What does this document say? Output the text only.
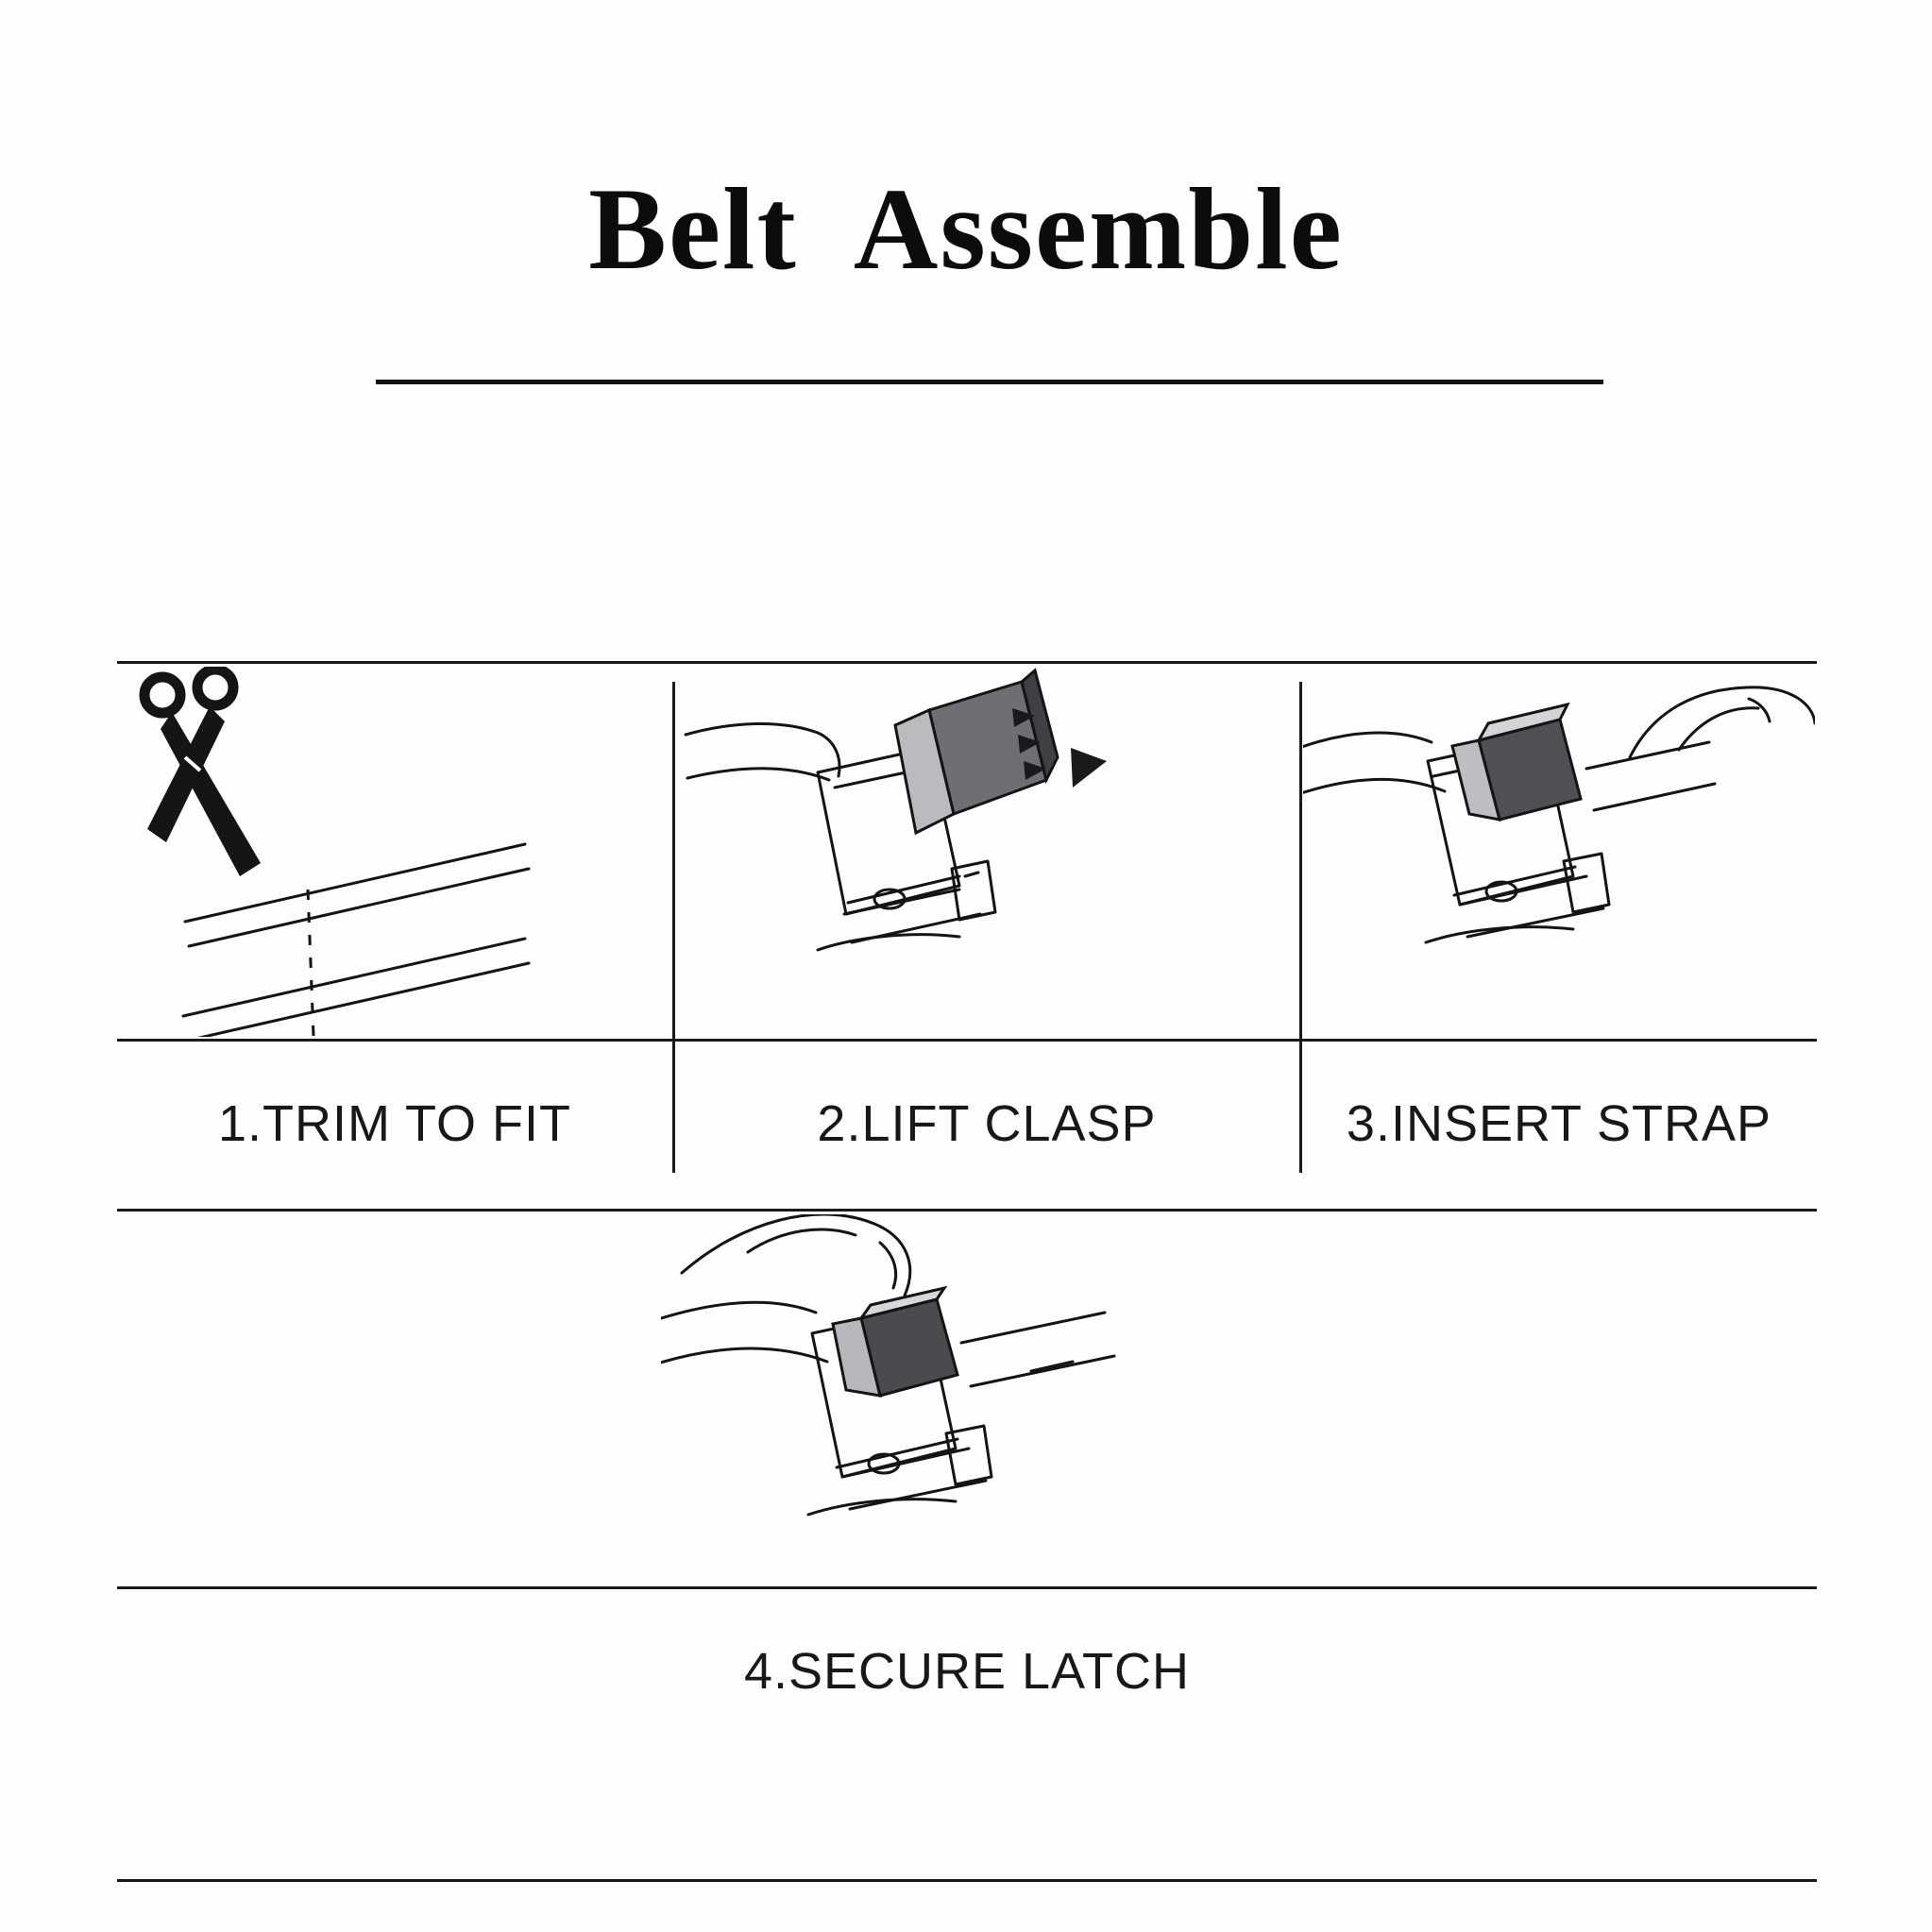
Belt  Assemble
1.TRIM TO FIT	2.LIFT CLASP	3.INSERT STRAP
4.SECURE LATCH
